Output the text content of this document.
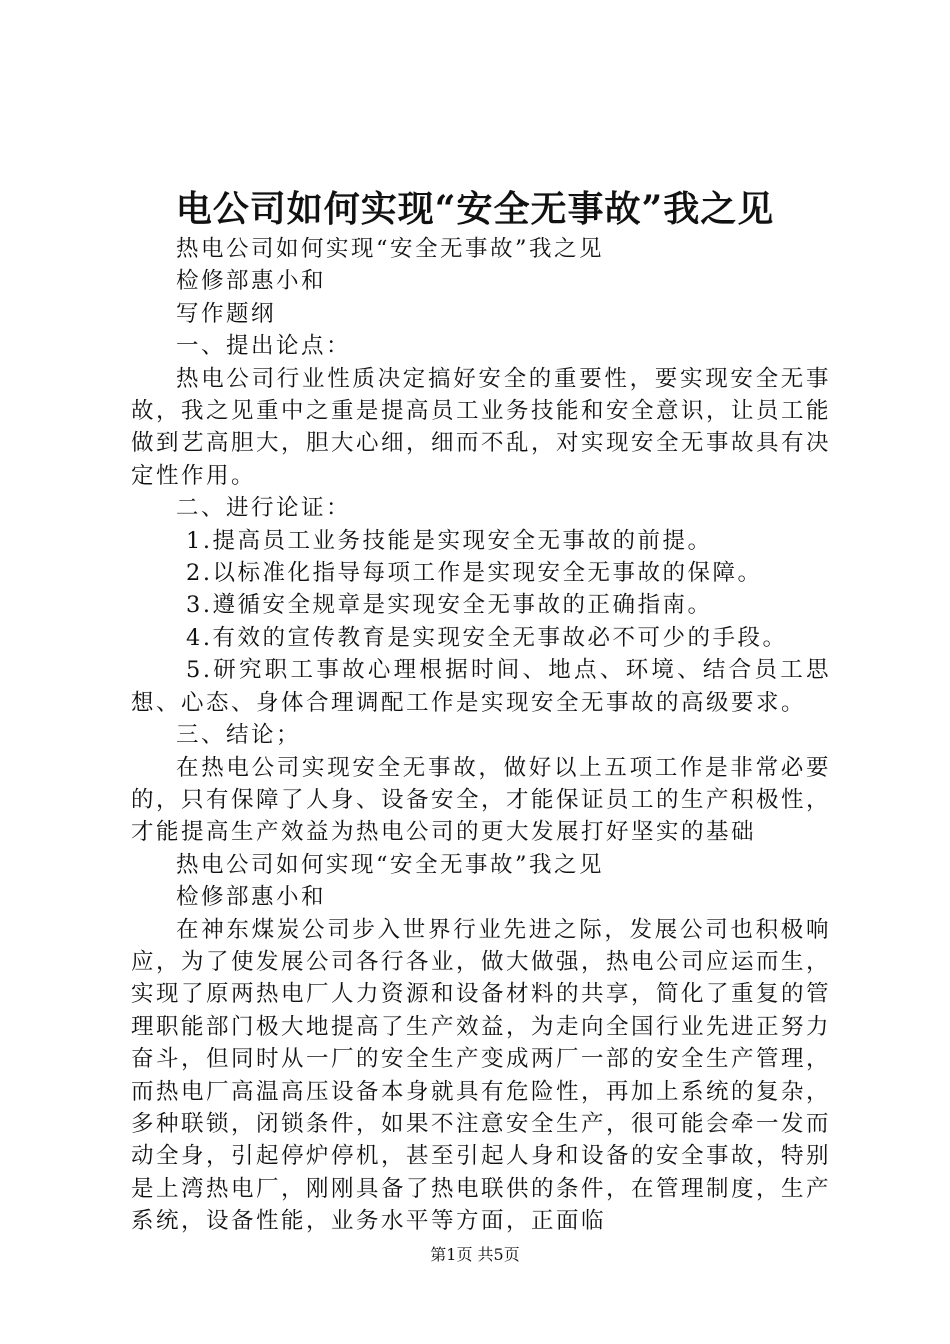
电公司如何实现“安全无事故”我之见

热电公司如何实现“安全无事故”我之见

检修部惠小和

写作题纲

一、提出论点：

热电公司行业性质决定搞好安全的重要性，要实现安全无事故，我之见重中之重是提高员工业务技能和安全意识，让员工能做到艺高胆大，胆大心细，细而不乱，对实现安全无事故具有决定性作用。

二、进行论证：

1.提高员工业务技能是实现安全无事故的前提。

2.以标准化指导每项工作是实现安全无事故的保障。

3.遵循安全规章是实现安全无事故的正确指南。

4.有效的宣传教育是实现安全无事故必不可少的手段。

5.研究职工事故心理根据时间、地点、环境、结合员工思想、心态、身体合理调配工作是实现安全无事故的高级要求。

三、结论；

在热电公司实现安全无事故，做好以上五项工作是非常必要的，只有保障了人身、设备安全，才能保证员工的生产积极性，才能提高生产效益为热电公司的更大发展打好坚实的基础

热电公司如何实现“安全无事故”我之见

检修部惠小和

在神东煤炭公司步入世界行业先进之际，发展公司也积极响应，为了使发展公司各行各业，做大做强，热电公司应运而生，实现了原两热电厂人力资源和设备材料的共享，简化了重复的管理职能部门极大地提高了生产效益，为走向全国行业先进正努力奋斗，但同时从一厂的安全生产变成两厂一部的安全生产管理，而热电厂高温高压设备本身就具有危险性，再加上系统的复杂，多种联锁，闭锁条件，如果不注意安全生产，很可能会牵一发而动全身，引起停炉停机，甚至引起人身和设备的安全事故，特别是上湾热电厂，刚刚具备了热电联供的条件，在管理制度，生产系统，设备性能，业务水平等方面，正面临

第1页 共5页
